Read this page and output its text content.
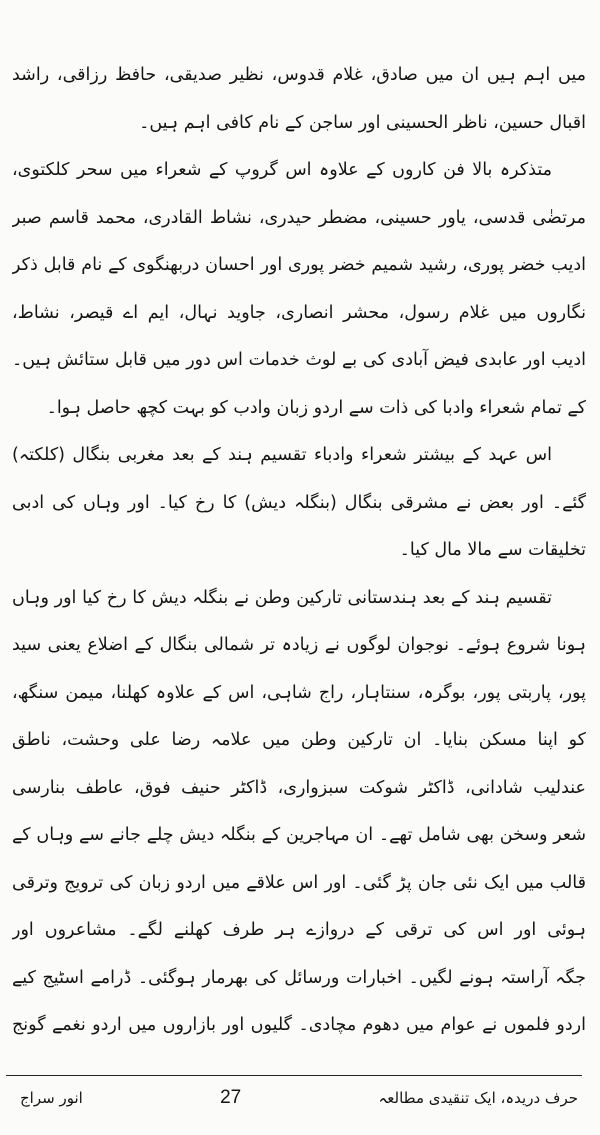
میں اہم ہیں ان میں صادق، غلام قدوس، نظیر صدیقی، حافظ رزاقی، راشد
اقبال حسین، ناظر الحسینی اور ساجن کے نام کافی اہم ہیں۔
متذکرہ بالا فن کاروں کے علاوہ اس گروپ کے شعراء میں سحر کلکتوی،
مرتضٰی قدسی، یاور حسینی، مضطر حیدری، نشاط القادری، محمد قاسم صبر
ادیب خضر پوری، رشید شمیم خضر پوری اور احسان دربھنگوی کے نام قابل ذکر
نگاروں میں غلام رسول، محشر انصاری، جاوید نہال، ایم اے قیصر، نشاط،
ادیب اور عابدی فیض آبادی کی بے لوث خدمات اس دور میں قابل ستائش ہیں۔
کے تمام شعراء وادبا کی ذات سے اردو زبان وادب کو بہت کچھ حاصل ہوا۔
اس عہد کے بیشتر شعراء وادباء تقسیم ہند کے بعد مغربی بنگال (کلکتہ)
گئے۔ اور بعض نے مشرقی بنگال (بنگلہ دیش) کا رخ کیا۔ اور وہاں کی ادبی
تخلیقات سے مالا مال کیا۔
تقسیم ہند کے بعد ہندستانی تارکین وطن نے بنگلہ دیش کا رخ کیا اور وہاں
ہونا شروع ہوئے۔ نوجوان لوگوں نے زیادہ تر شمالی بنگال کے اضلاع یعنی سید
پور، پاربتی پور، بوگرہ، سنتاہار، راج شاہی، اس کے علاوہ کھلنا، میمن سنگھ،
کو اپنا مسکن بنایا۔ ان تارکین وطن میں علامہ رضا علی وحشت، ناطق
عندلیب شادانی، ڈاکٹر شوکت سبزواری، ڈاکٹر حنیف فوق، عاطف بنارسی
شعر وسخن بھی شامل تھے۔ ان مہاجرین کے بنگلہ دیش چلے جانے سے وہاں کے
قالب میں ایک نئی جان پڑ گئی۔ اور اس علاقے میں اردو زبان کی ترویج وترقی
ہوئی اور اس کی ترقی کے دروازے ہر طرف کھلنے لگے۔ مشاعروں اور
جگہ آراستہ ہونے لگیں۔ اخبارات ورسائل کی بھرمار ہوگئی۔ ڈرامے اسٹیج کیے
اردو فلموں نے عوام میں دھوم مچادی۔ گلیوں اور بازاروں میں اردو نغمے گونج
حرف دریدہ، ایک تنقیدی مطالعہ
27
انور سراج
